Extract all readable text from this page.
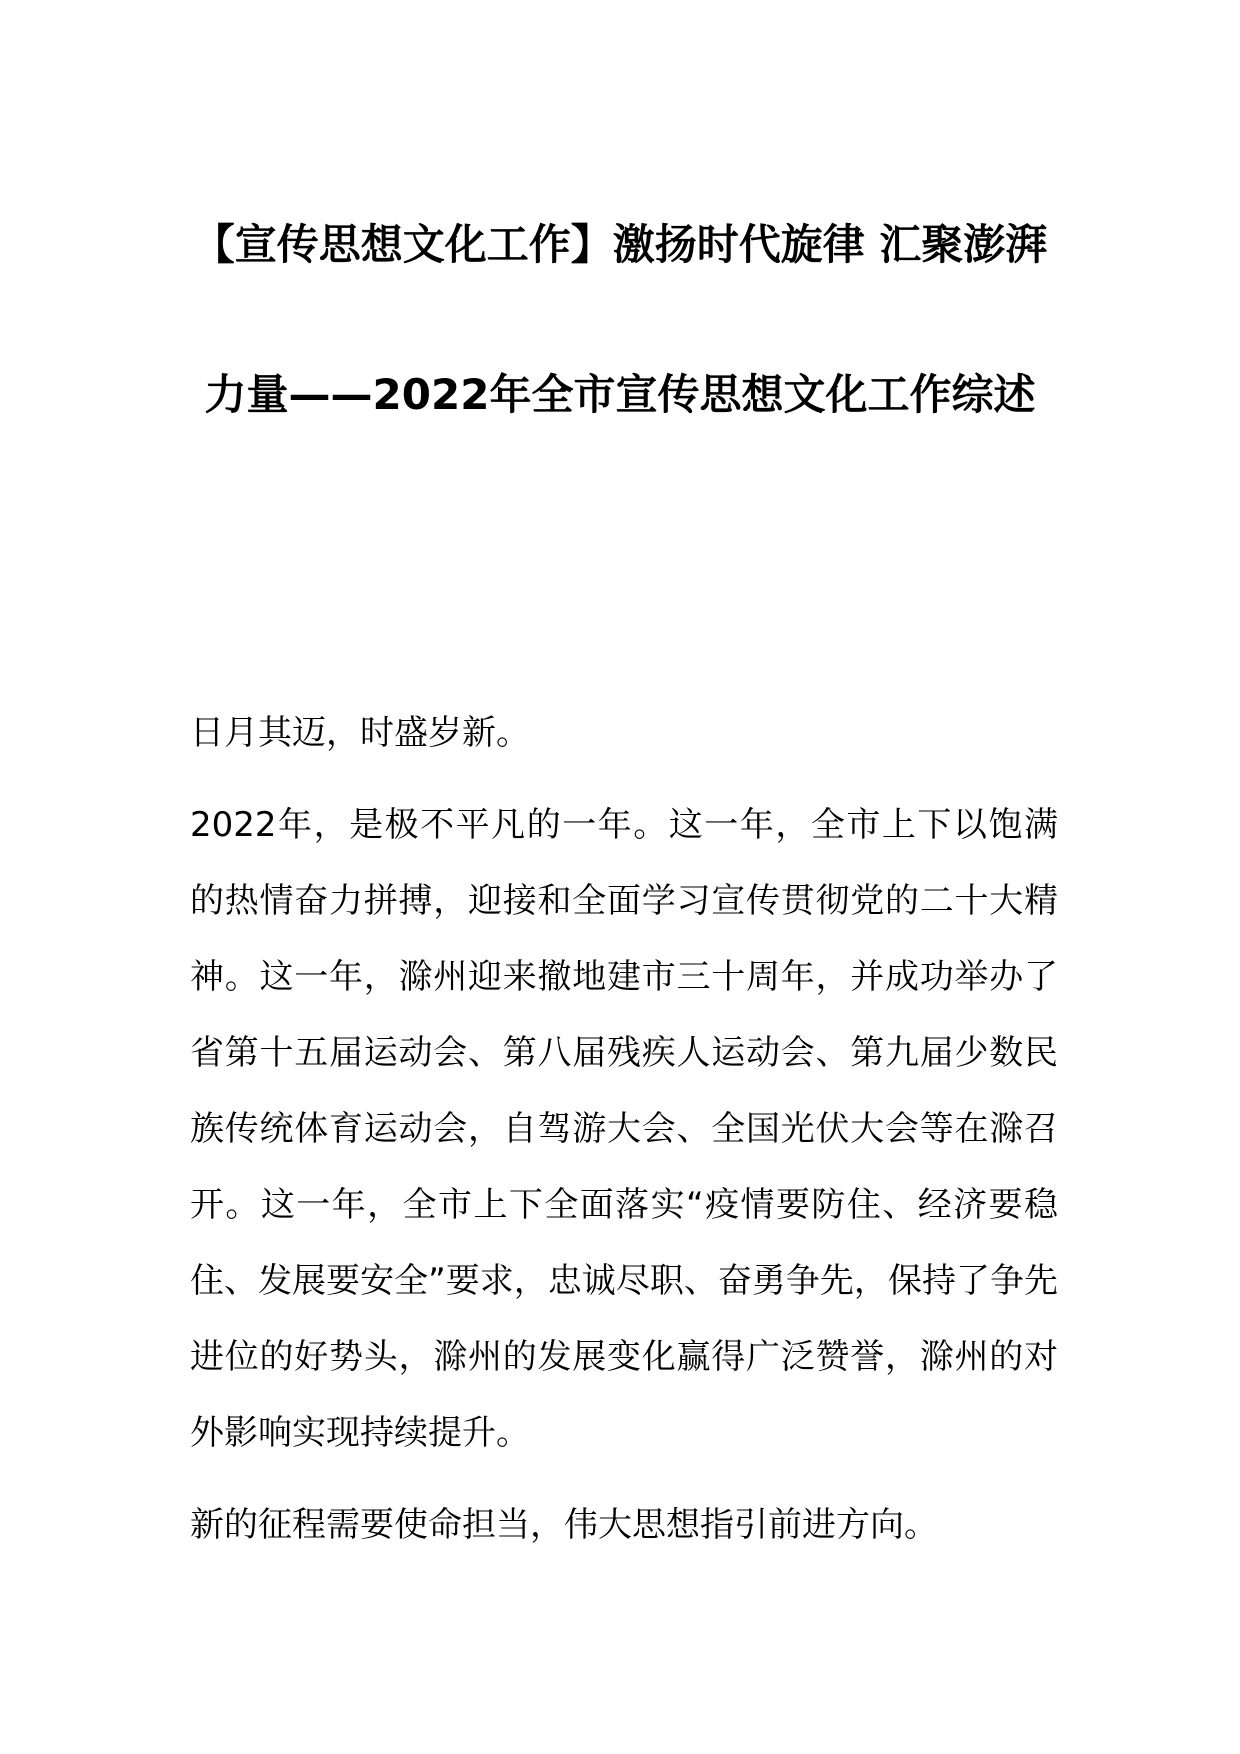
【宣传思想文化工作】激扬时代旋律 汇聚澎湃力量——2022年全市宣传思想文化工作综述

日月其迈，时盛岁新。

2022年，是极不平凡的一年。这一年，全市上下以饱满的热情奋力拼搏，迎接和全面学习宣传贯彻党的二十大精神。这一年，滁州迎来撤地建市三十周年，并成功举办了省第十五届运动会、第八届残疾人运动会、第九届少数民族传统体育运动会，自驾游大会、全国光伏大会等在滁召开。这一年，全市上下全面落实“疫情要防住、经济要稳住、发展要安全”要求，忠诚尽职、奋勇争先，保持了争先进位的好势头，滁州的发展变化赢得广泛赞誉，滁州的对外影响实现持续提升。

新的征程需要使命担当，伟大思想指引前进方向。
